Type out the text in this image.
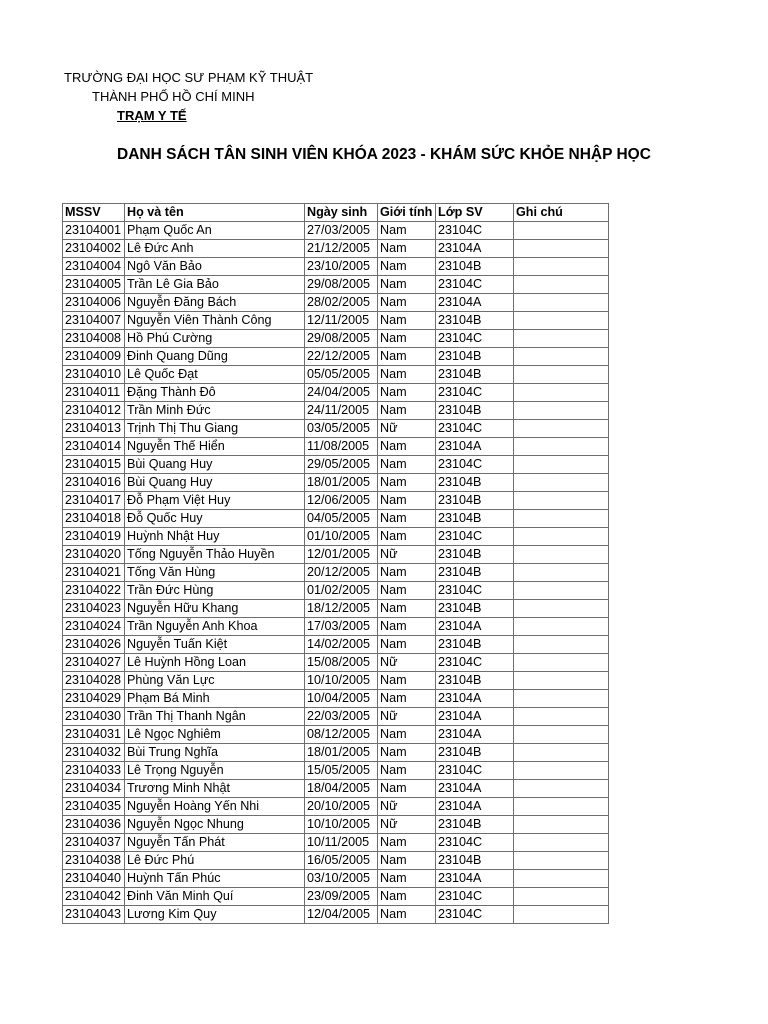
TRƯỜNG ĐẠI HỌC SƯ PHẠM KỸ THUẬT
THÀNH PHỐ HỒ CHÍ MINH
TRẠM Y TẾ
DANH SÁCH TÂN SINH VIÊN KHÓA 2023 - KHÁM SỨC KHỎE NHẬP HỌC
MSSV	Họ và tên	Ngày sinh	Giới tính	Lớp SV	Ghi chú
23104001	Phạm Quốc An	27/03/2005	Nam	23104C	
23104002	Lê Đức Anh	21/12/2005	Nam	23104A	
23104004	Ngô Văn Bảo	23/10/2005	Nam	23104B	
23104005	Trần Lê Gia Bảo	29/08/2005	Nam	23104C	
23104006	Nguyễn Đăng Bách	28/02/2005	Nam	23104A	
23104007	Nguyễn Viên Thành Công	12/11/2005	Nam	23104B	
23104008	Hồ Phú Cường	29/08/2005	Nam	23104C	
23104009	Đinh Quang Dũng	22/12/2005	Nam	23104B	
23104010	Lê Quốc Đạt	05/05/2005	Nam	23104B	
23104011	Đặng Thành Đô	24/04/2005	Nam	23104C	
23104012	Trần Minh Đức	24/11/2005	Nam	23104B	
23104013	Trịnh Thị Thu Giang	03/05/2005	Nữ	23104C	
23104014	Nguyễn Thế Hiển	11/08/2005	Nam	23104A	
23104015	Bùi Quang Huy	29/05/2005	Nam	23104C	
23104016	Bùi Quang Huy	18/01/2005	Nam	23104B	
23104017	Đỗ Phạm Việt Huy	12/06/2005	Nam	23104B	
23104018	Đỗ Quốc Huy	04/05/2005	Nam	23104B	
23104019	Huỳnh Nhật Huy	01/10/2005	Nam	23104C	
23104020	Tống Nguyễn Thảo Huyền	12/01/2005	Nữ	23104B	
23104021	Tống Văn Hùng	20/12/2005	Nam	23104B	
23104022	Trần Đức Hùng	01/02/2005	Nam	23104C	
23104023	Nguyễn Hữu Khang	18/12/2005	Nam	23104B	
23104024	Trần Nguyễn Anh Khoa	17/03/2005	Nam	23104A	
23104026	Nguyễn Tuấn Kiệt	14/02/2005	Nam	23104B	
23104027	Lê Huỳnh Hồng Loan	15/08/2005	Nữ	23104C	
23104028	Phùng Văn Lực	10/10/2005	Nam	23104B	
23104029	Phạm Bá Minh	10/04/2005	Nam	23104A	
23104030	Trần Thị Thanh Ngân	22/03/2005	Nữ	23104A	
23104031	Lê Ngọc Nghiêm	08/12/2005	Nam	23104A	
23104032	Bùi Trung Nghĩa	18/01/2005	Nam	23104B	
23104033	Lê Trọng Nguyễn	15/05/2005	Nam	23104C	
23104034	Trương Minh Nhật	18/04/2005	Nam	23104A	
23104035	Nguyễn Hoàng Yến Nhi	20/10/2005	Nữ	23104A	
23104036	Nguyễn Ngọc Nhung	10/10/2005	Nữ	23104B	
23104037	Nguyễn Tấn Phát	10/11/2005	Nam	23104C	
23104038	Lê Đức Phú	16/05/2005	Nam	23104B	
23104040	Huỳnh Tấn Phúc	03/10/2005	Nam	23104A	
23104042	Đinh Văn Minh Quí	23/09/2005	Nam	23104C	
23104043	Lương Kim Quy	12/04/2005	Nam	23104C	
